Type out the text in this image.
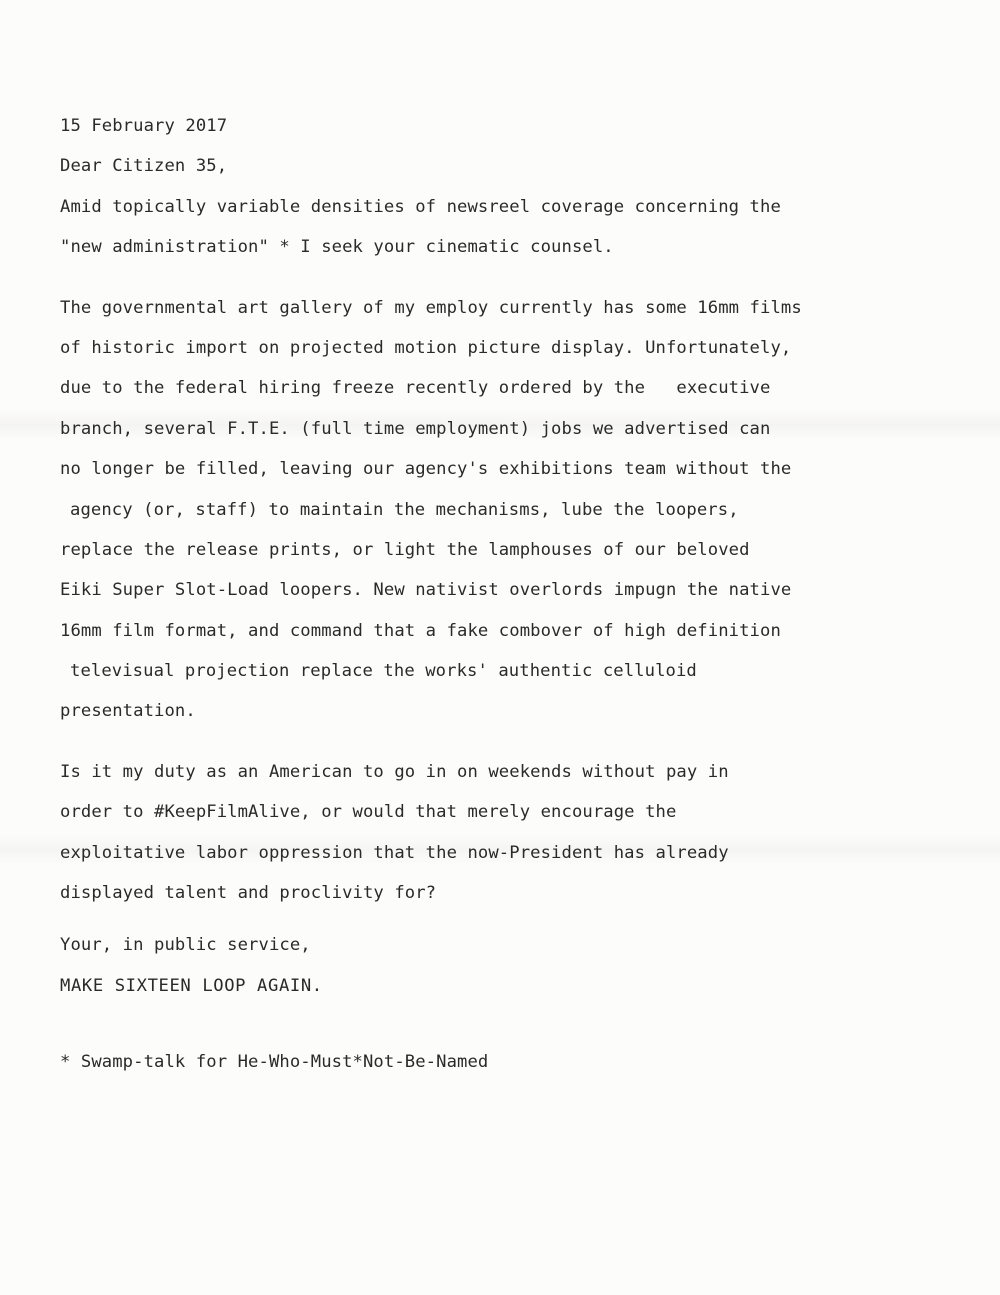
15 February 2017
Dear Citizen 35,
Amid topically variable densities of newsreel coverage concerning the
"new administration" * I seek your cinematic counsel.
The governmental art gallery of my employ currently has some 16mm films
of historic import on projected motion picture display. Unfortunately,
due to the federal hiring freeze recently ordered by the   executive
branch, several F.T.E. (full time employment) jobs we advertised can
no longer be filled, leaving our agency's exhibitions team without the
agency (or, staff) to maintain the mechanisms, lube the loopers,
replace the release prints, or light the lamphouses of our beloved
Eiki Super Slot-Load loopers. New nativist overlords impugn the native
16mm film format, and command that a fake combover of high definition
televisual projection replace the works' authentic celluloid
presentation.
Is it my duty as an American to go in on weekends without pay in
order to #KeepFilmAlive, or would that merely encourage the
exploitative labor oppression that the now-President has already
displayed talent and proclivity for?
Your, in public service,
MAKE SIXTEEN LOOP AGAIN.
* Swamp-talk for He-Who-Must*Not-Be-Named
